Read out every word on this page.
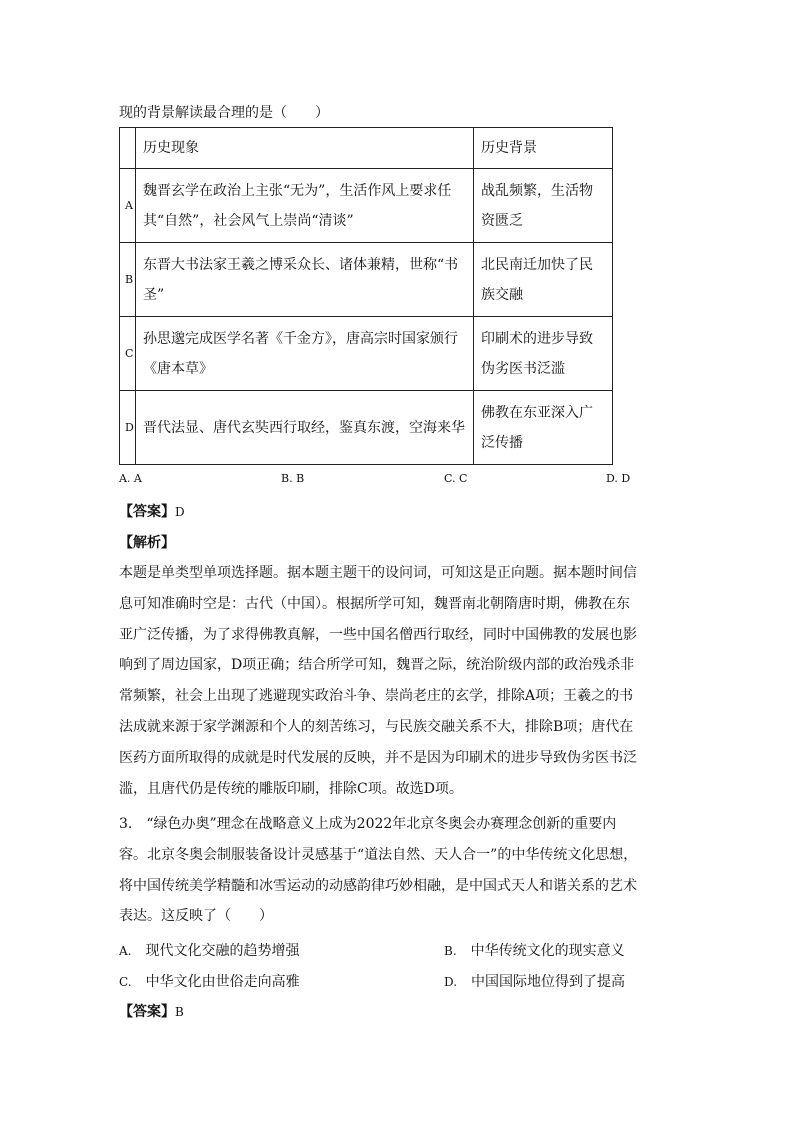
现的背景解读最合理的是（　　）
	历史现象	历史背景
A	魏晋玄学在政治上主张“无为”，生活作风上要求任其“自然”，社会风气上崇尚“清谈”	战乱频繁，生活物资匮乏
B	东晋大书法家王羲之博采众长、诸体兼精，世称“书圣”	北民南迁加快了民族交融
C	孙思邈完成医学名著《千金方》，唐高宗时国家颁行《唐本草》	印刷术的进步导致伪劣医书泛滥
D	晋代法显、唐代玄奘西行取经，鉴真东渡，空海来华	佛教在东亚深入广泛传播
A. A	B. B	C. C	D. D
【答案】D
【解析】
本题是单类型单项选择题。据本题主题干的设问词，可知这是正向题。据本题时间信息可知准确时空是：古代（中国）。根据所学可知，魏晋南北朝隋唐时期，佛教在东亚广泛传播，为了求得佛教真解，一些中国名僧西行取经，同时中国佛教的发展也影响到了周边国家，D项正确；结合所学可知，魏晋之际，统治阶级内部的政治残杀非常频繁，社会上出现了逃避现实政治斗争、崇尚老庄的玄学，排除A项；王羲之的书法成就来源于家学渊源和个人的刻苦练习，与民族交融关系不大，排除B项；唐代在医药方面所取得的成就是时代发展的反映，并不是因为印刷术的进步导致伪劣医书泛滥，且唐代仍是传统的雕版印刷，排除C项。故选D项。
3.　“绿色办奥”理念在战略意义上成为2022年北京冬奥会办赛理念创新的重要内容。北京冬奥会制服装备设计灵感基于“道法自然、天人合一”的中华传统文化思想，将中国传统美学精髓和冰雪运动的动感韵律巧妙相融，是中国式天人和谐关系的艺术表达。这反映了（　　）
A.　 现代文化交融的趋势增强	B.　 中华传统文化的现实意义
C.　 中华文化由世俗走向高雅	D.　 中国国际地位得到了提高
【答案】B
